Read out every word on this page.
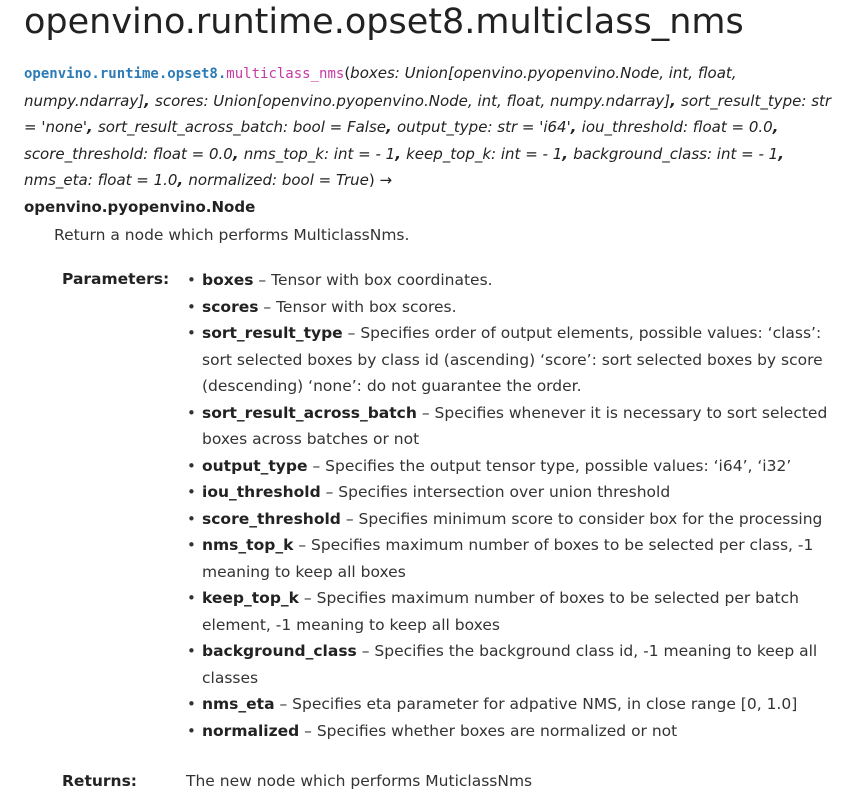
openvino.runtime.opset8.multiclass_nms
openvino.runtime.opset8.multiclass_nms(boxes: Union[openvino.pyopenvino.Node, int, float, numpy.ndarray], scores: Union[openvino.pyopenvino.Node, int, float, numpy.ndarray], sort_result_type: str = 'none', sort_result_across_batch: bool = False, output_type: str = 'i64', iou_threshold: float = 0.0, score_threshold: float = 0.0, nms_top_k: int = - 1, keep_top_k: int = - 1, background_class: int = - 1, nms_eta: float = 1.0, normalized: bool = True) →
openvino.pyopenvino.Node

Return a node which performs MulticlassNms.

Parameters:
•	boxes – Tensor with box coordinates.
• scores – Tensor with box scores.
• sort_result_type – Specifies order of output elements, possible values: ‘class’: sort selected boxes by class id (ascending) ‘score’: sort selected boxes by score (descending) ‘none’: do not guarantee the order.
• sort_result_across_batch – Specifies whenever it is necessary to sort selected boxes across batches or not
• output_type – Specifies the output tensor type, possible values: ‘i64’, ‘i32’
• iou_threshold – Specifies intersection over union threshold
• score_threshold – Specifies minimum score to consider box for the processing
• nms_top_k – Specifies maximum number of boxes to be selected per class, -1 meaning to keep all boxes
• keep_top_k – Specifies maximum number of boxes to be selected per batch element, -1 meaning to keep all boxes
• background_class – Specifies the background class id, -1 meaning to keep all classes
• nms_eta – Specifies eta parameter for adpative NMS, in close range [0, 1.0]
• normalized – Specifies whether boxes are normalized or not
Returns:	The new node which performs MuticlassNms
